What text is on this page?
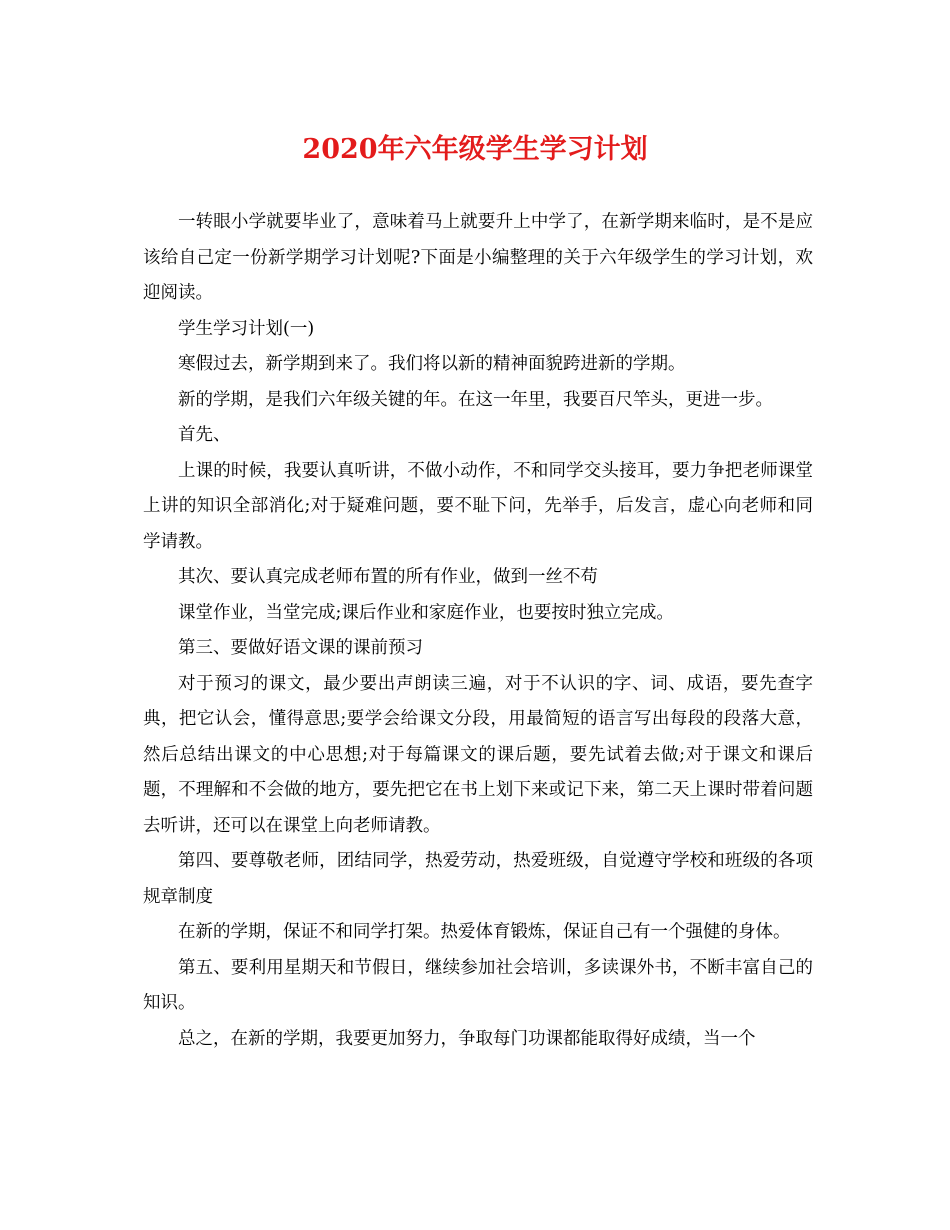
2020年六年级学生学习计划

一转眼小学就要毕业了，意味着马上就要升上中学了，在新学期来临时，是不是应该给自己定一份新学期学习计划呢?下面是小编整理的关于六年级学生的学习计划，欢迎阅读。

学生学习计划(一)

寒假过去，新学期到来了。我们将以新的精神面貌跨进新的学期。

新的学期，是我们六年级关键的年。在这一年里，我要百尺竿头，更进一步。

首先、

上课的时候，我要认真听讲，不做小动作，不和同学交头接耳，要力争把老师课堂上讲的知识全部消化;对于疑难问题，要不耻下问，先举手，后发言，虚心向老师和同学请教。

其次、要认真完成老师布置的所有作业，做到一丝不苟

课堂作业，当堂完成;课后作业和家庭作业，也要按时独立完成。

第三、要做好语文课的课前预习

对于预习的课文，最少要出声朗读三遍，对于不认识的字、词、成语，要先查字典，把它认会，懂得意思;要学会给课文分段，用最简短的语言写出每段的段落大意，然后总结出课文的中心思想;对于每篇课文的课后题，要先试着去做;对于课文和课后题，不理解和不会做的地方，要先把它在书上划下来或记下来，第二天上课时带着问题去听讲，还可以在课堂上向老师请教。

第四、要尊敬老师，团结同学，热爱劳动，热爱班级，自觉遵守学校和班级的各项规章制度

在新的学期，保证不和同学打架。热爱体育锻炼，保证自己有一个强健的身体。

第五、要利用星期天和节假日，继续参加社会培训，多读课外书，不断丰富自己的知识。

总之，在新的学期，我要更加努力，争取每门功课都能取得好成绩，当一个
